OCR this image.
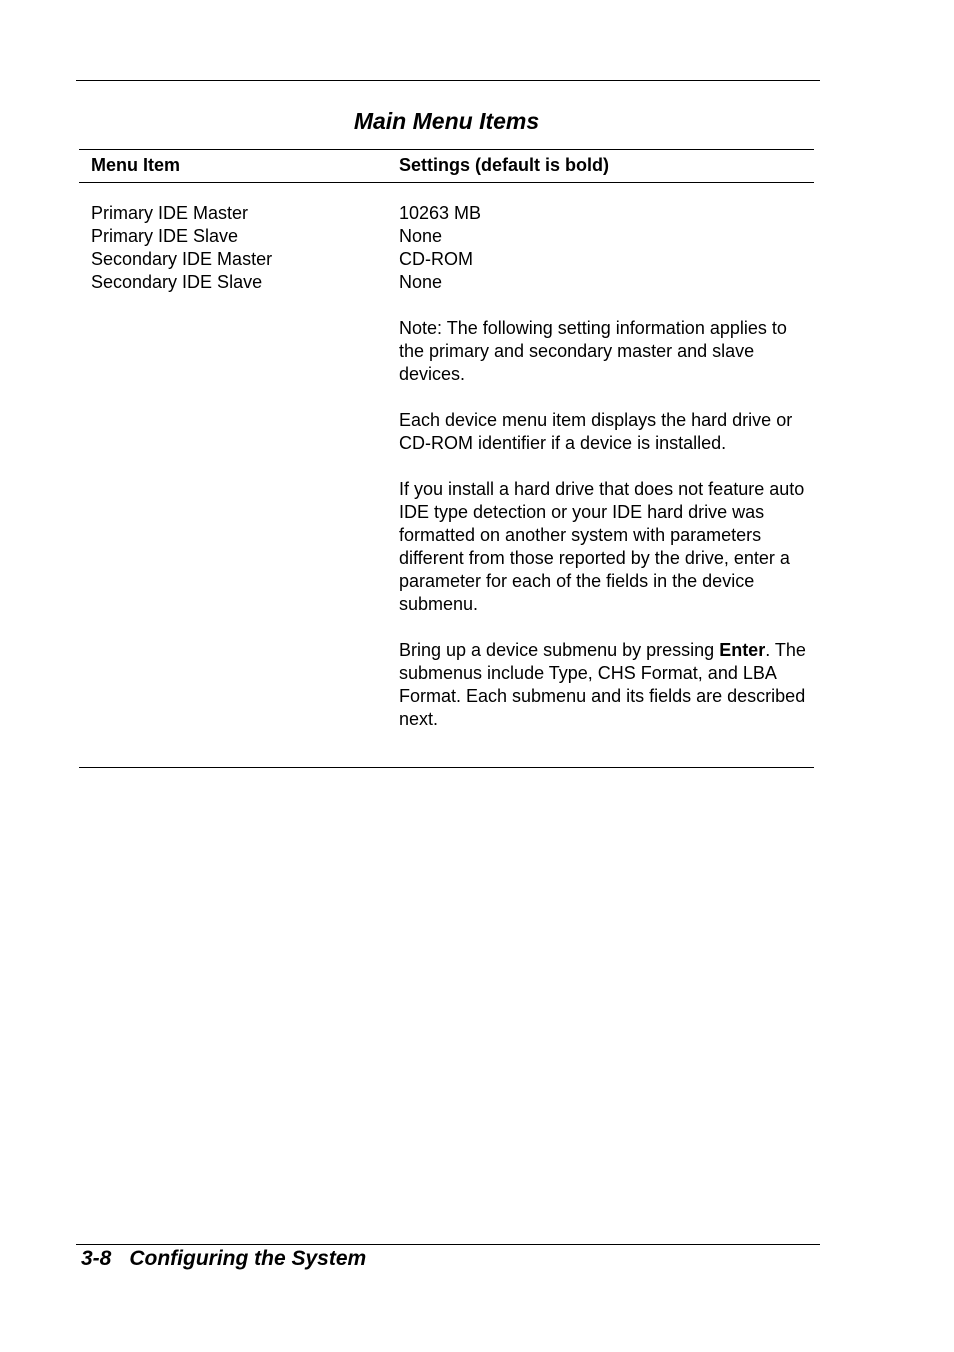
Main Menu Items
Menu Item	Settings (default is bold)
Primary IDE Master
Primary IDE Slave
Secondary IDE Master
Secondary IDE Slave
10263 MB
None
CD-ROM
None

Note: The following setting information applies to the primary and secondary master and slave devices.

Each device menu item displays the hard drive or CD-ROM identifier if a device is installed.

If you install a hard drive that does not feature auto IDE type detection or your IDE hard drive was formatted on another system with parameters different from those reported by the drive, enter a parameter for each of the fields in the device submenu.

Bring up a device submenu by pressing Enter. The submenus include Type, CHS Format, and LBA Format. Each submenu and its fields are described next.

3-8 Configuring the System
